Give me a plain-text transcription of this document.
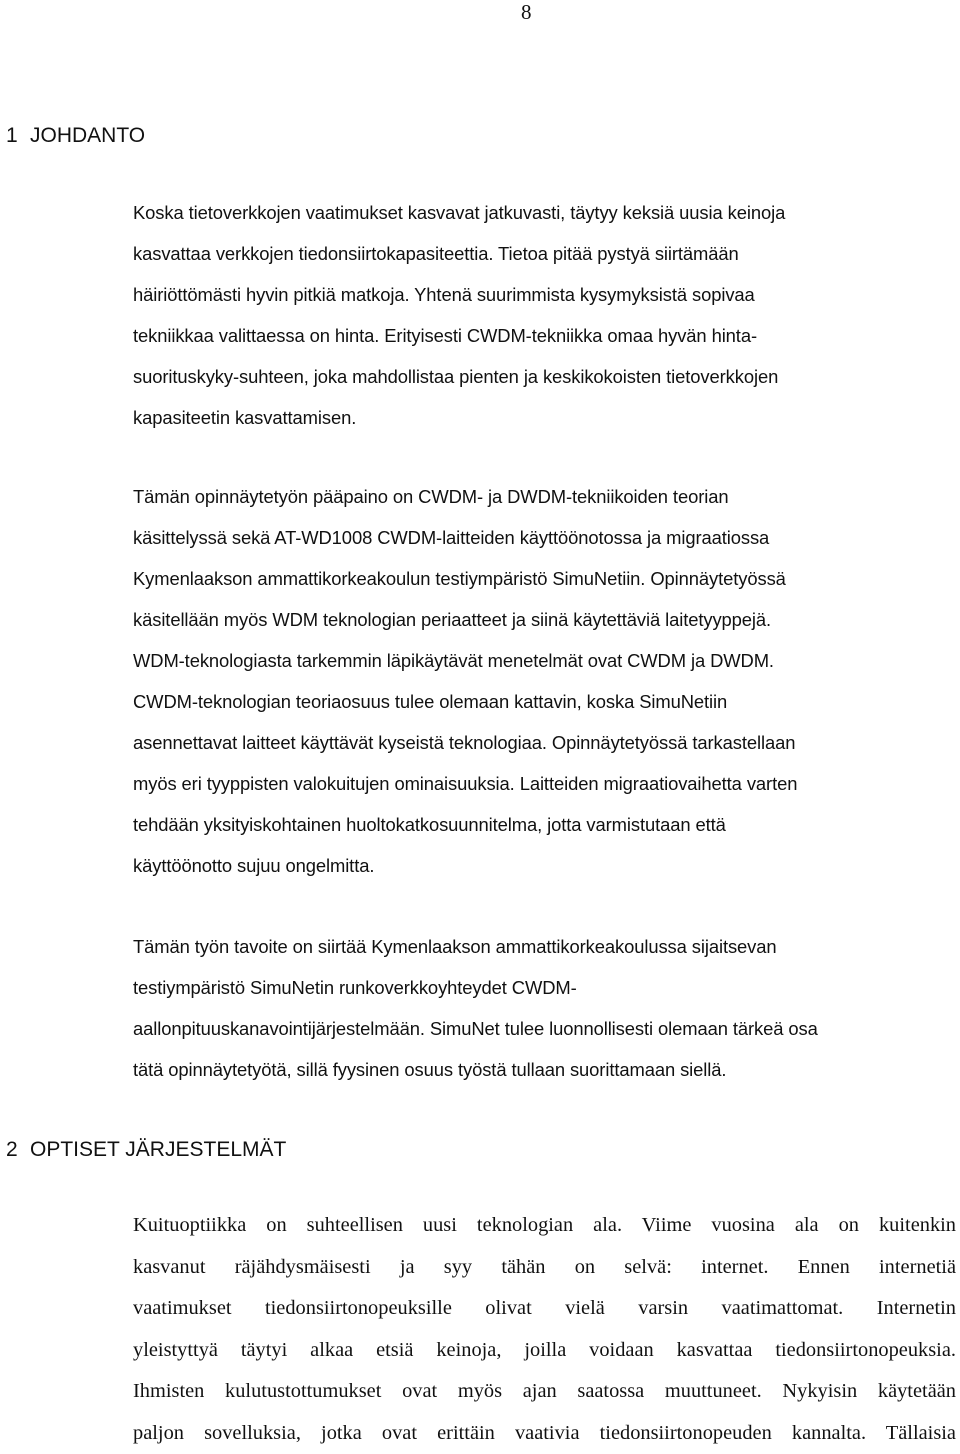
8
1 JOHDANTO
Koska tietoverkkojen vaatimukset kasvavat jatkuvasti, täytyy keksiä uusia keinoja
kasvattaa verkkojen tiedonsiirtokapasiteettia. Tietoa pitää pystyä siirtämään
häiriöttömästi hyvin pitkiä matkoja. Yhtenä suurimmista kysymyksistä sopivaa
tekniikkaa valittaessa on hinta. Erityisesti CWDM-tekniikka omaa hyvän hinta-
suorituskyky-suhteen, joka mahdollistaa pienten ja keskikokoisten tietoverkkojen
kapasiteetin kasvattamisen.
Tämän opinnäytetyön pääpaino on CWDM- ja DWDM-tekniikoiden teorian
käsittelyssä sekä AT-WD1008 CWDM-laitteiden käyttöönotossa ja migraatiossa
Kymenlaakson ammattikorkeakoulun testiympäristö SimuNetiin. Opinnäytetyössä
käsitellään myös WDM teknologian periaatteet ja siinä käytettäviä laitetyyppejä.
WDM-teknologiasta tarkemmin läpikäytävät menetelmät ovat CWDM ja DWDM.
CWDM-teknologian teoriaosuus tulee olemaan kattavin, koska SimuNetiin
asennettavat laitteet käyttävät kyseistä teknologiaa. Opinnäytetyössä tarkastellaan
myös eri tyyppisten valokuitujen ominaisuuksia. Laitteiden migraatiovaihetta varten
tehdään yksityiskohtainen huoltokatkosuunnitelma, jotta varmistutaan että
käyttöönotto sujuu ongelmitta.
Tämän työn tavoite on siirtää Kymenlaakson ammattikorkeakoulussa sijaitsevan
testiympäristö SimuNetin runkoverkkoyhteydet CWDM-
aallonpituuskanavointijärjestelmään. SimuNet tulee luonnollisesti olemaan tärkeä osa
tätä opinnäytetyötä, sillä fyysinen osuus työstä tullaan suorittamaan siellä.
2 OPTISET JÄRJESTELMÄT
Kuituoptiikka on suhteellisen uusi teknologian ala. Viime vuosina ala on kuitenkin
kasvanut räjähdysmäisesti ja syy tähän on selvä: internet. Ennen internetiä
vaatimukset tiedonsiirtonopeuksille olivat vielä varsin vaatimattomat. Internetin
yleistyttyä täytyi alkaa etsiä keinoja, joilla voidaan kasvattaa tiedonsiirtonopeuksia.
Ihmisten kulutustottumukset ovat myös ajan saatossa muuttuneet. Nykyisin käytetään
paljon sovelluksia, jotka ovat erittäin vaativia tiedonsiirtonopeuden kannalta. Tällaisia
